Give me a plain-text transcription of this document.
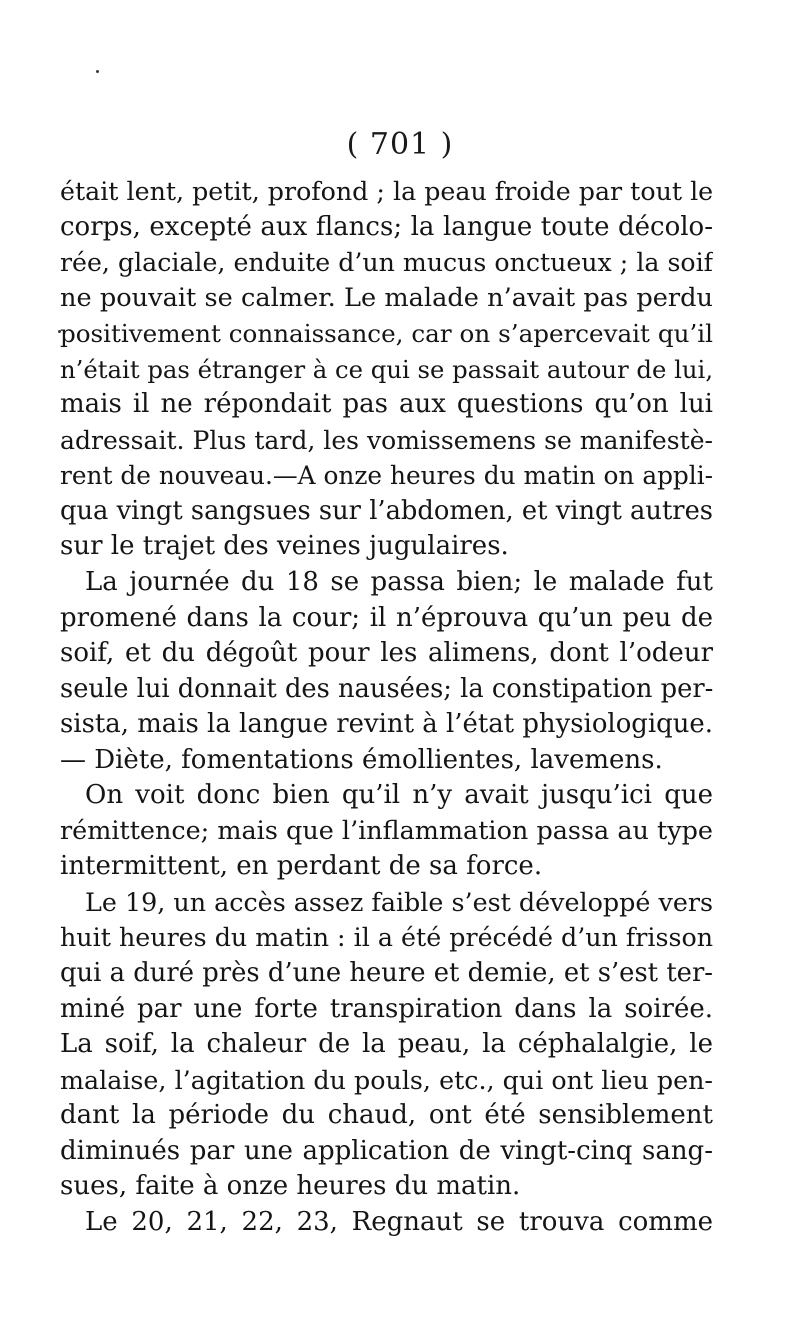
( 701 )
était lent, petit, profond ; la peau froide par tout le
corps, excepté aux flancs; la langue toute décolo-
rée, glaciale, enduite d’un mucus onctueux ; la soif
ne pouvait se calmer. Le malade n’avait pas perdu
positivement connaissance, car on s’apercevait qu’il
n’était pas étranger à ce qui se passait autour de lui,
mais il ne répondait pas aux questions qu’on lui
adressait. Plus tard, les vomissemens se manifestè-
rent de nouveau.—A onze heures du matin on appli-
qua vingt sangsues sur l’abdomen, et vingt autres
sur le trajet des veines jugulaires.
La journée du 18 se passa bien; le malade fut
promené dans la cour; il n’éprouva qu’un peu de
soif, et du dégoût pour les alimens, dont l’odeur
seule lui donnait des nausées; la constipation per-
sista, mais la langue revint à l’état physiologique.
— Diète, fomentations émollientes, lavemens.
On voit donc bien qu’il n’y avait jusqu’ici que
rémittence; mais que l’inflammation passa au type
intermittent, en perdant de sa force.
Le 19, un accès assez faible s’est développé vers
huit heures du matin : il a été précédé d’un frisson
qui a duré près d’une heure et demie, et s’est ter-
miné par une forte transpiration dans la soirée.
La soif, la chaleur de la peau, la céphalalgie, le
malaise, l’agitation du pouls, etc., qui ont lieu pen-
dant la période du chaud, ont été sensiblement
diminués par une application de vingt-cinq sang-
sues, faite à onze heures du matin.
Le 20, 21, 22, 23, Regnaut se trouva comme
